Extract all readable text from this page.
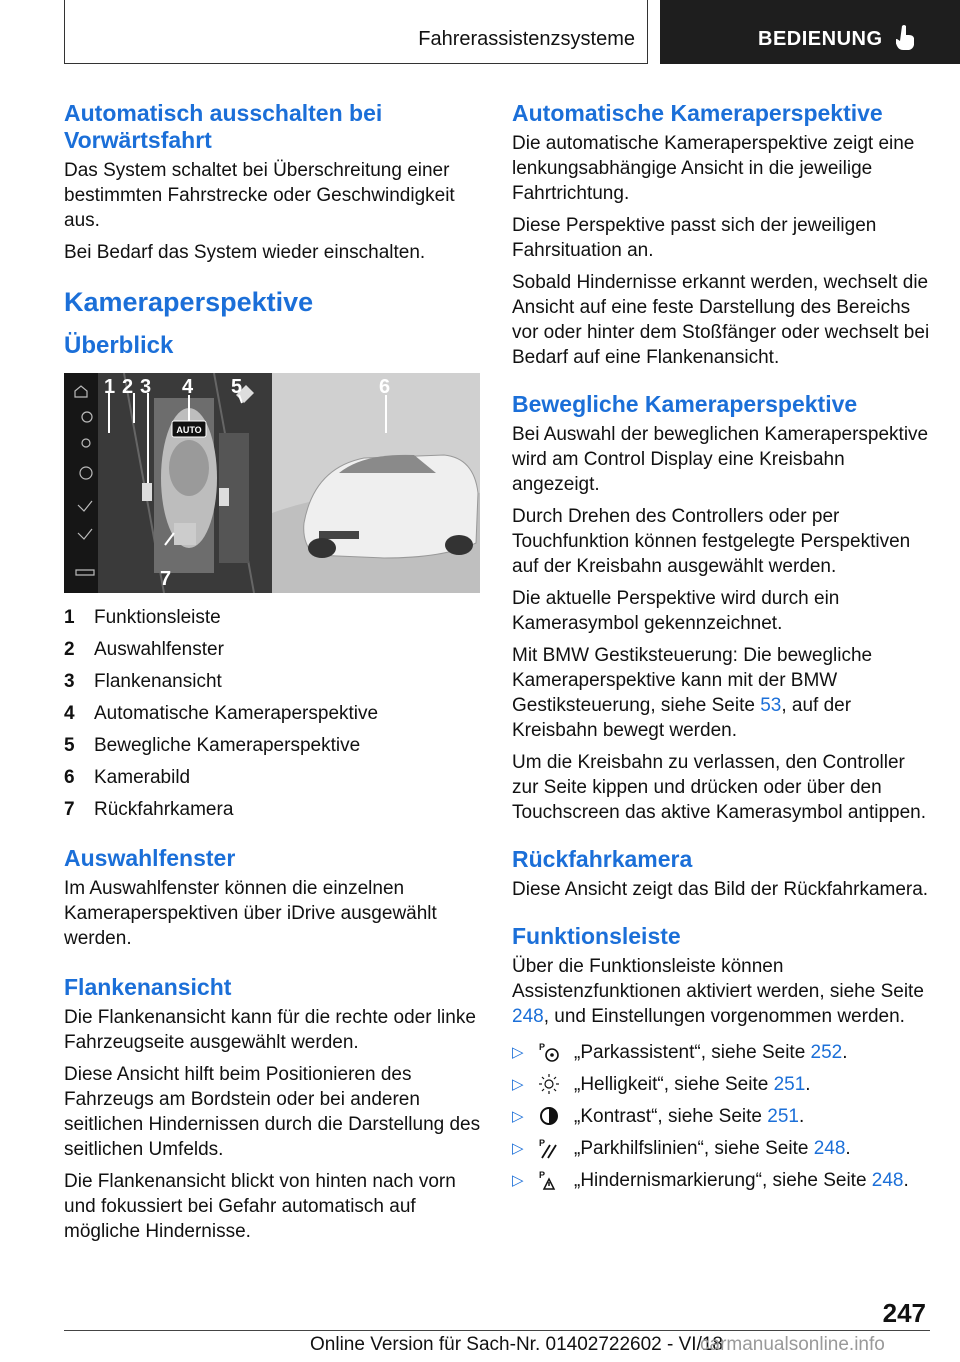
Fahrerassistenzsysteme	BEDIENUNG
Automatisch ausschalten bei Vorwärtsfahrt

Das System schaltet bei Überschreitung einer bestimmten Fahrstrecke oder Geschwindigkeit aus.

Bei Bedarf das System wieder einschalten.

Kameraperspektive
Überblick
AUTO
1 2 3 4 5	6
7
1	Funktionsleiste
2	Auswahlfenster
3	Flankenansicht
4	Automatische Kameraperspektive
5	Bewegliche Kameraperspektive
6	Kamerabild
7	Rückfahrkamera
Auswahlfenster

Im Auswahlfenster können die einzelnen Kameraperspektiven über iDrive ausgewählt werden.

Flankenansicht

Die Flankenansicht kann für die rechte oder linke Fahrzeugseite ausgewählt werden.

Diese Ansicht hilft beim Positionieren des Fahrzeugs am Bordstein oder bei anderen seitlichen Hindernissen durch die Darstellung des seitlichen Umfelds.

Die Flankenansicht blickt von hinten nach vorn und fokussiert bei Gefahr automatisch auf mögliche Hindernisse.

Automatische Kameraperspektive

Die automatische Kameraperspektive zeigt eine lenkungsabhängige Ansicht in die jeweilige Fahrtrichtung.

Diese Perspektive passt sich der jeweiligen Fahrsituation an.

Sobald Hindernisse erkannt werden, wechselt die Ansicht auf eine feste Darstellung des Bereichs vor oder hinter dem Stoßfänger oder wechselt bei Bedarf auf eine Flankenansicht.

Bewegliche Kameraperspektive

Bei Auswahl der beweglichen Kameraperspektive wird am Control Display eine Kreisbahn angezeigt.

Durch Drehen des Controllers oder per Touchfunktion können festgelegte Perspektiven auf der Kreisbahn ausgewählt werden.

Die aktuelle Perspektive wird durch ein Kamerasymbol gekennzeichnet.

Mit BMW Gestiksteuerung: Die bewegliche Kameraperspektive kann mit der BMW Gestiksteuerung, siehe Seite 53, auf der Kreisbahn bewegt werden.

Um die Kreisbahn zu verlassen, den Controller zur Seite kippen und drücken oder über den Touchscreen das aktive Kamerasymbol antippen.

Rückfahrkamera

Diese Ansicht zeigt das Bild der Rückfahrkamera.

Funktionsleiste

Über die Funktionsleiste können Assistenzfunktionen aktiviert werden, siehe Seite 248, und Einstellungen vorgenommen werden.

▷	P „Parkassistent“, siehe Seite 252.
▷	„Helligkeit“, siehe Seite 251.
▷	„Kontrast“, siehe Seite 251.
▷	P „Parkhilfslinien“, siehe Seite 248.
▷	P „Hindernismarkierung“, siehe Seite 248.
247
Online Version für Sach-Nr. 01402722602 - VI/18
carmanualsonline.info
